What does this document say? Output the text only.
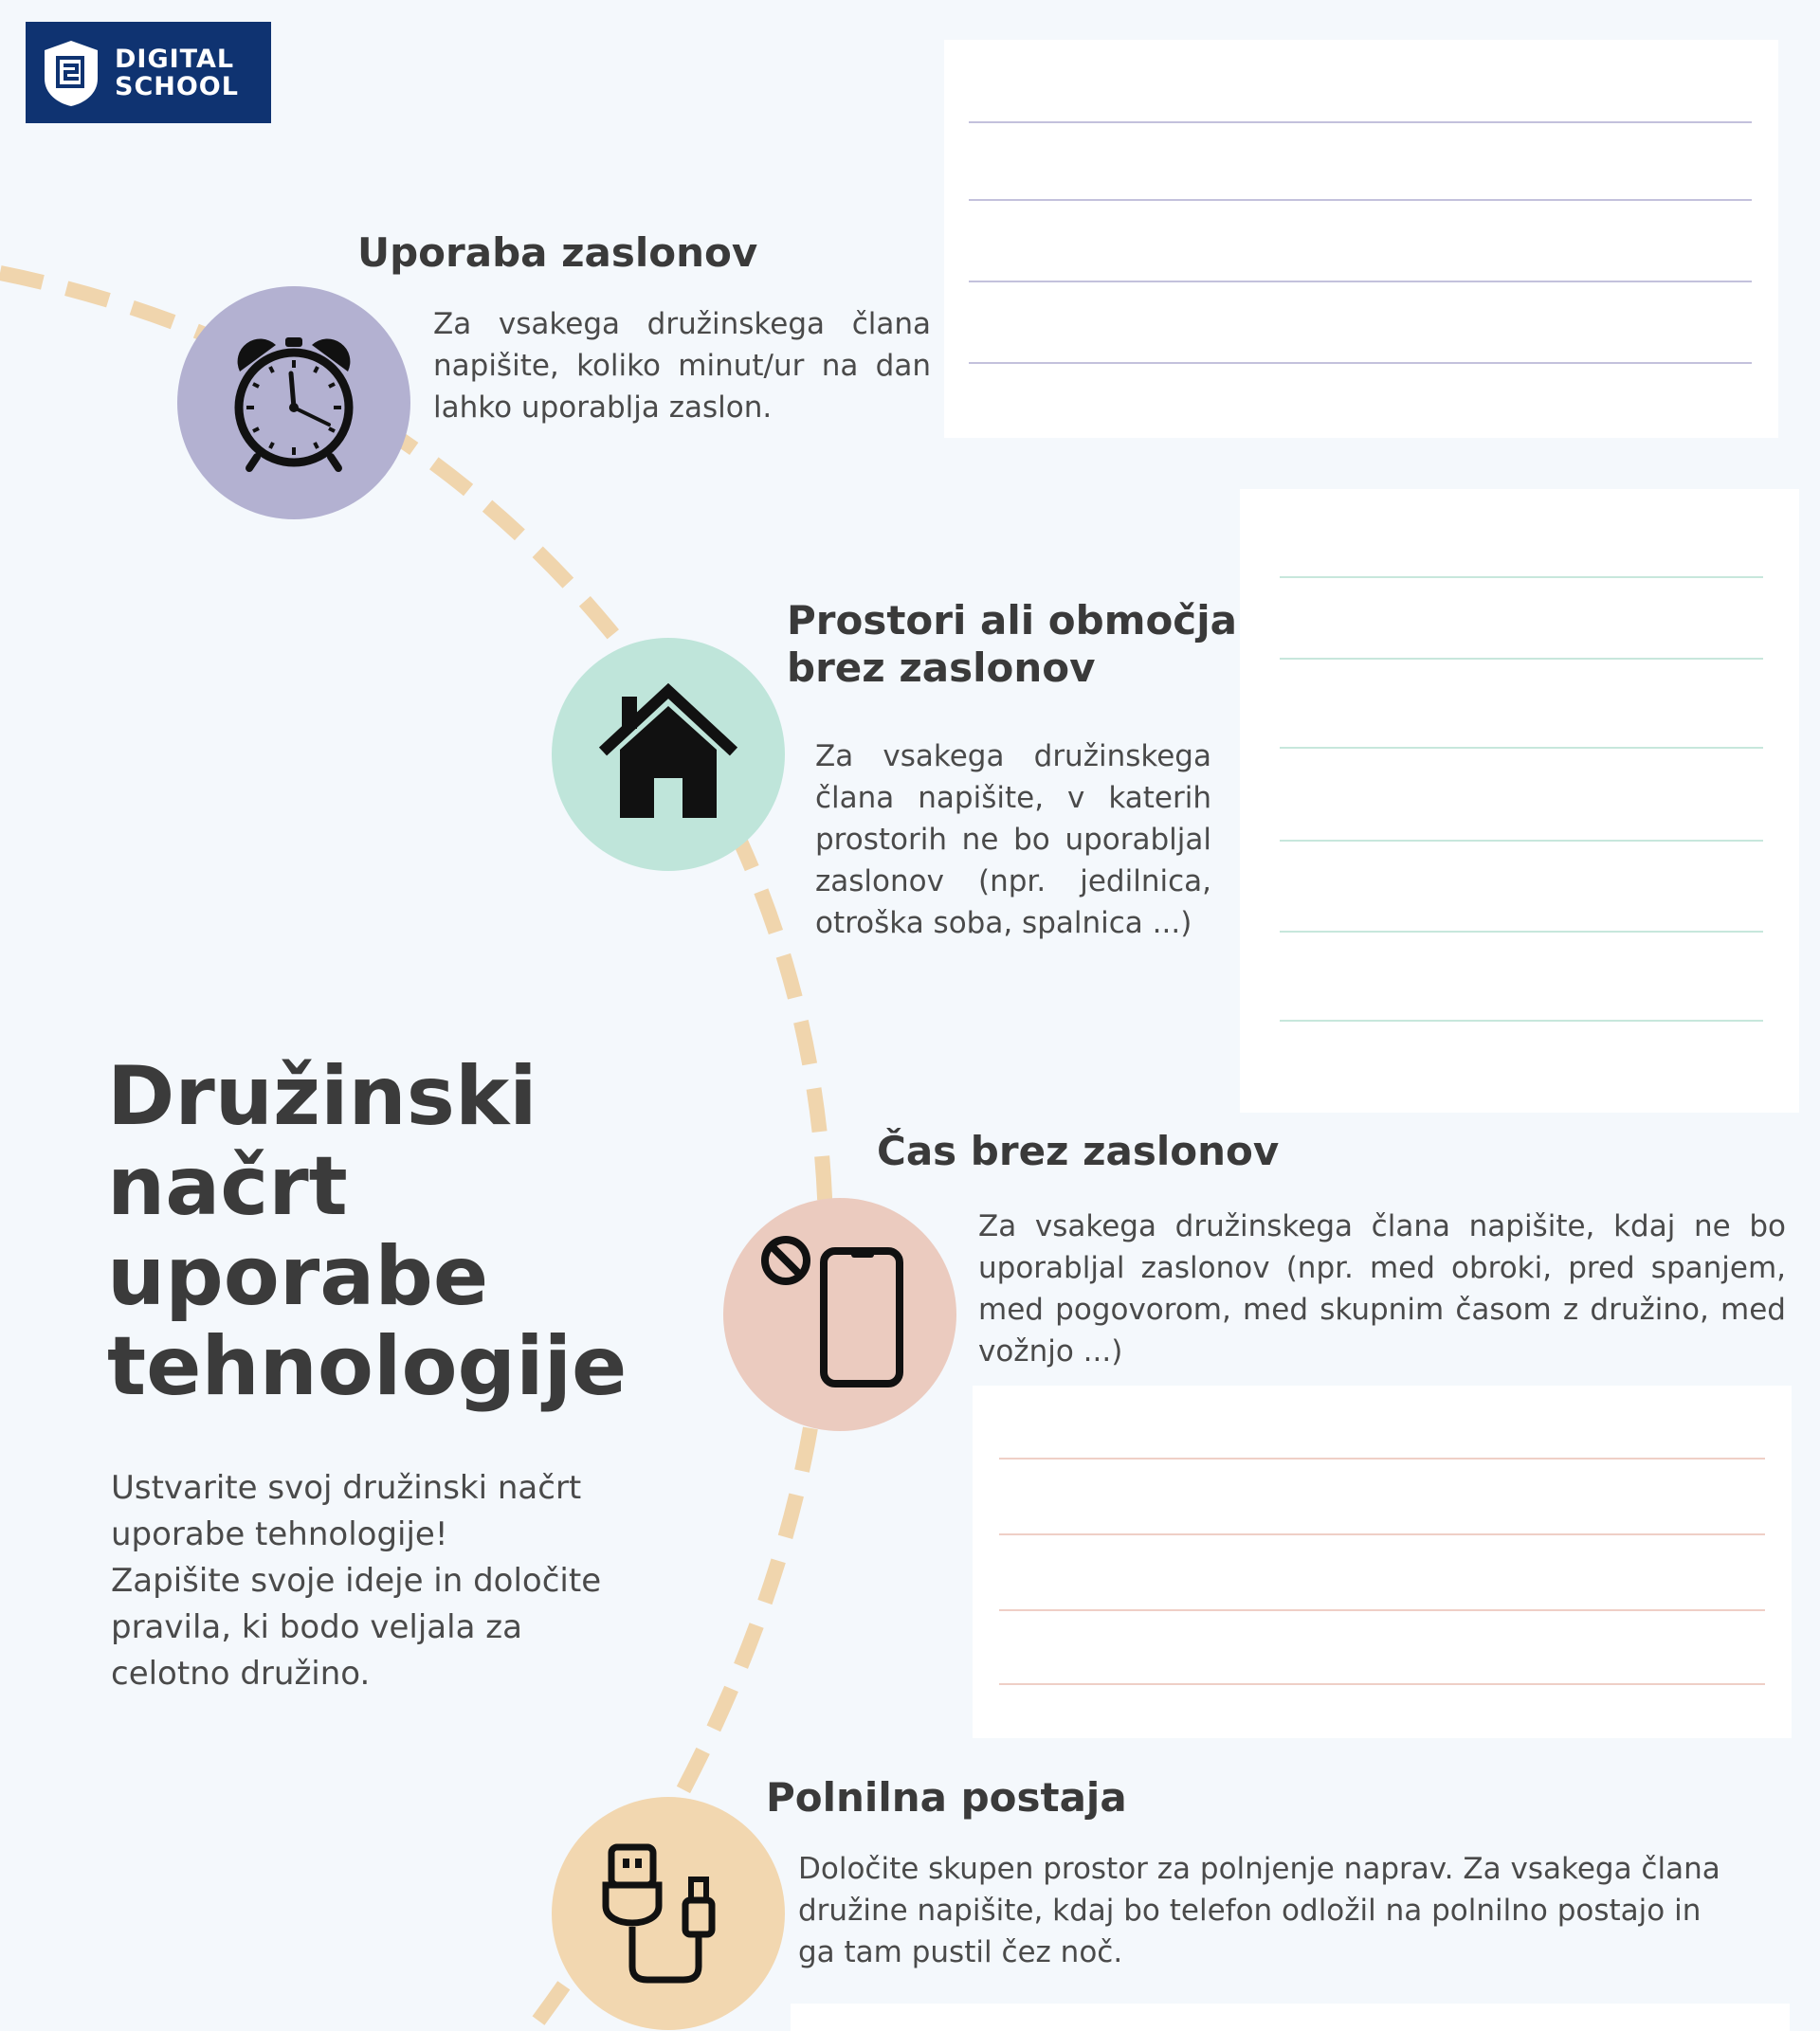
DIGITAL
SCHOOL
Uporaba zaslonov
Za vsakega družinskega člana napišite, koliko minut/ur na dan lahko uporablja zaslon.
Prostori ali območja brez zaslonov
Za vsakega družinskega člana napišite, v katerih prostorih ne bo uporabljal zaslonov (npr. jedilnica, otroška soba, spalnica ...)
Čas brez zaslonov
Za vsakega družinskega člana napišite, kdaj ne bo uporabljal zaslonov (npr. med obroki, pred spanjem, med pogovorom, med skupnim časom z družino, med vožnjo ...)
Polnilna postaja
Določite skupen prostor za polnjenje naprav. Za vsakega člana družine napišite, kdaj bo telefon odložil na polnilno postajo in ga tam pustil čez noč.
Družinski načrt uporabe tehnologije
Ustvarite svoj družinski načrt
uporabe tehnologije!
Zapišite svoje ideje in določite
pravila, ki bodo veljala za
celotno družino.
